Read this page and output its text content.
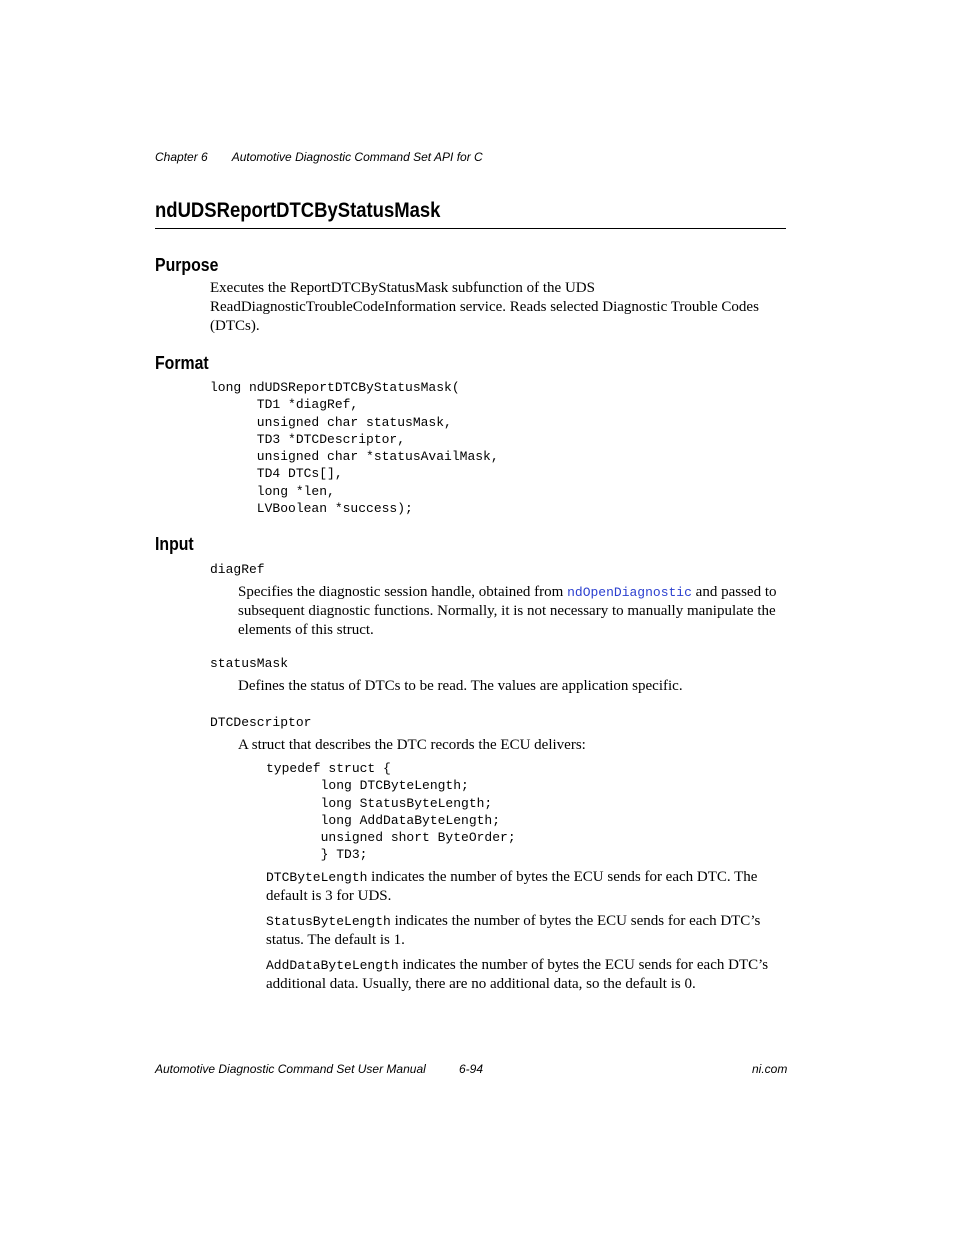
Chapter 6 Automotive Diagnostic Command Set API for C
ndUDSReportDTCByStatusMask
Purpose
Executes the ReportDTCByStatusMask subfunction of the UDS ReadDiagnosticTroubleCodeInformation service. Reads selected Diagnostic Trouble Codes (DTCs).
Format
long ndUDSReportDTCByStatusMask(
TD1 *diagRef,
unsigned char statusMask,
TD3 *DTCDescriptor,
unsigned char *statusAvailMask,
TD4 DTCs[],
long *len,
LVBoolean *success);
Input
diagRef
Specifies the diagnostic session handle, obtained from ndOpenDiagnostic and passed to subsequent diagnostic functions. Normally, it is not necessary to manually manipulate the elements of this struct.
statusMask
Defines the status of DTCs to be read. The values are application specific.
DTCDescriptor
A struct that describes the DTC records the ECU delivers:
typedef struct {
long DTCByteLength;
long StatusByteLength;
long AddDataByteLength;
unsigned short ByteOrder;
} TD3;
DTCByteLength indicates the number of bytes the ECU sends for each DTC. The default is 3 for UDS.
StatusByteLength indicates the number of bytes the ECU sends for each DTC’s status. The default is 1.
AddDataByteLength indicates the number of bytes the ECU sends for each DTC’s additional data. Usually, there are no additional data, so the default is 0.
Automotive Diagnostic Command Set User Manual	6-94	ni.com
